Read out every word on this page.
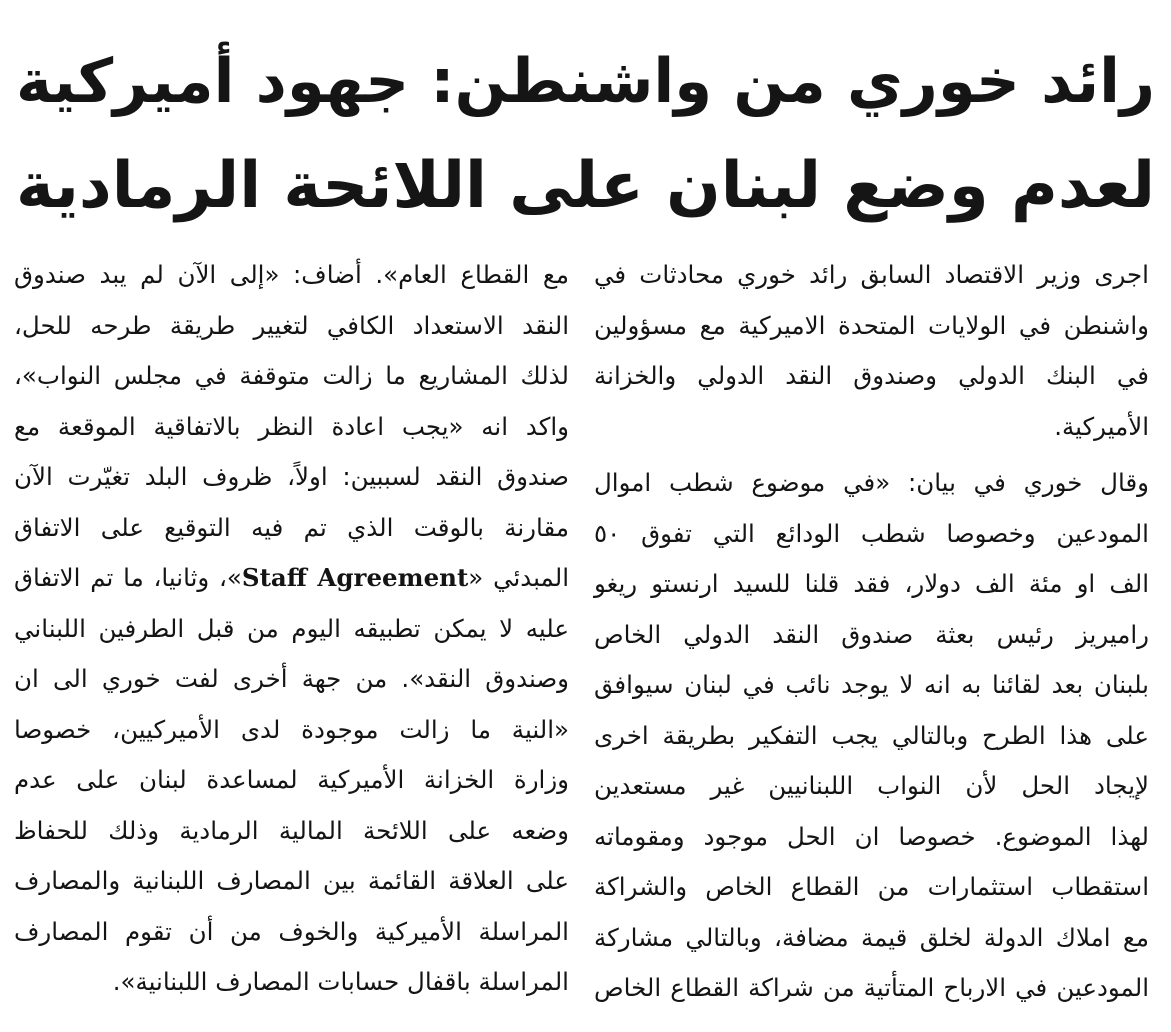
رائد خوري من واشنطن: جهود أميركية
لعدم وضع لبنان على اللائحة الرمادية
اجرى وزير الاقتصاد السابق رائد خوري محادثات في
واشنطن في الولايات المتحدة الاميركية مع مسؤولين
في البنك الدولي وصندوق النقد الدولي والخزانة
الأميركية.
وقال خوري في بيان: «في موضوع شطب اموال
المودعين وخصوصا شطب الودائع التي تفوق ٥٠
الف او مئة الف دولار، فقد قلنا للسيد ارنستو ريغو
راميريز رئيس بعثة صندوق النقد الدولي الخاص
بلبنان بعد لقائنا به انه لا يوجد نائب في لبنان سيوافق
على هذا الطرح وبالتالي يجب التفكير بطريقة اخرى
لإيجاد الحل لأن النواب اللبنانيين غير مستعدين
لهذا الموضوع. خصوصا ان الحل موجود ومقوماته
استقطاب استثمارات من القطاع الخاص والشراكة
مع املاك الدولة لخلق قيمة مضافة، وبالتالي مشاركة
المودعين في الارباح المتأتية من شراكة القطاع الخاص
مع القطاع العام». أضاف: «إلى الآن لم يبد صندوق
النقد الاستعداد الكافي لتغيير طريقة طرحه للحل،
لذلك المشاريع ما زالت متوقفة في مجلس النواب»،
واكد انه «يجب اعادة النظر بالاتفاقية الموقعة مع
صندوق النقد لسببين: اولاً، ظروف البلد تغيّرت الآن
مقارنة بالوقت الذي تم فيه التوقيع على الاتفاق
المبدئي «Staff Agreement»، وثانيا، ما تم الاتفاق
عليه لا يمكن تطبيقه اليوم من قبل الطرفين اللبناني
وصندوق النقد». من جهة أخرى لفت خوري الى ان
«النية ما زالت موجودة لدى الأميركيين، خصوصا
وزارة الخزانة الأميركية لمساعدة لبنان على عدم
وضعه على اللائحة المالية الرمادية وذلك للحفاظ
على العلاقة القائمة بين المصارف اللبنانية والمصارف
المراسلة الأميركية والخوف من أن تقوم المصارف
المراسلة باقفال حسابات المصارف اللبنانية».
